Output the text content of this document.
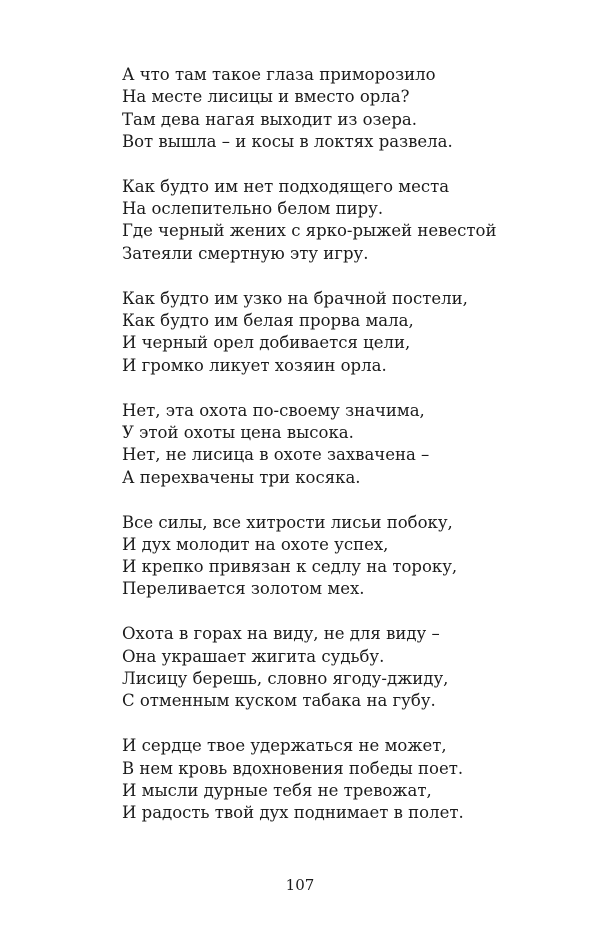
А что там такое глаза приморозило
На месте лисицы и вместо орла?
Там дева нагая выходит из озера.
Вот вышла – и косы в локтях развела.
Как будто им нет подходящего места
На ослепительно белом пиру.
Где черный жених с ярко-рыжей невестой
Затеяли смертную эту игру.
Как будто им узко на брачной постели,
Как будто им белая прорва мала,
И черный орел добивается цели,
И громко ликует хозяин орла.
Нет, эта охота по-своему значима,
У этой охоты цена высока.
Нет, не лисица в охоте захвачена –
А перехвачены три косяка.
Все силы, все хитрости лисьи побоку,
И дух молодит на охоте успех,
И крепко привязан к седлу на тороку,
Переливается золотом мех.
Охота в горах на виду, не для виду –
Она украшает жигита судьбу.
Лисицу берешь, словно ягоду-джиду,
С отменным куском табака на губу.
И сердце твое удержаться не может,
В нем кровь вдохновения победы поет.
И мысли дурные тебя не тревожат,
И радость твой дух поднимает в полет.
107
